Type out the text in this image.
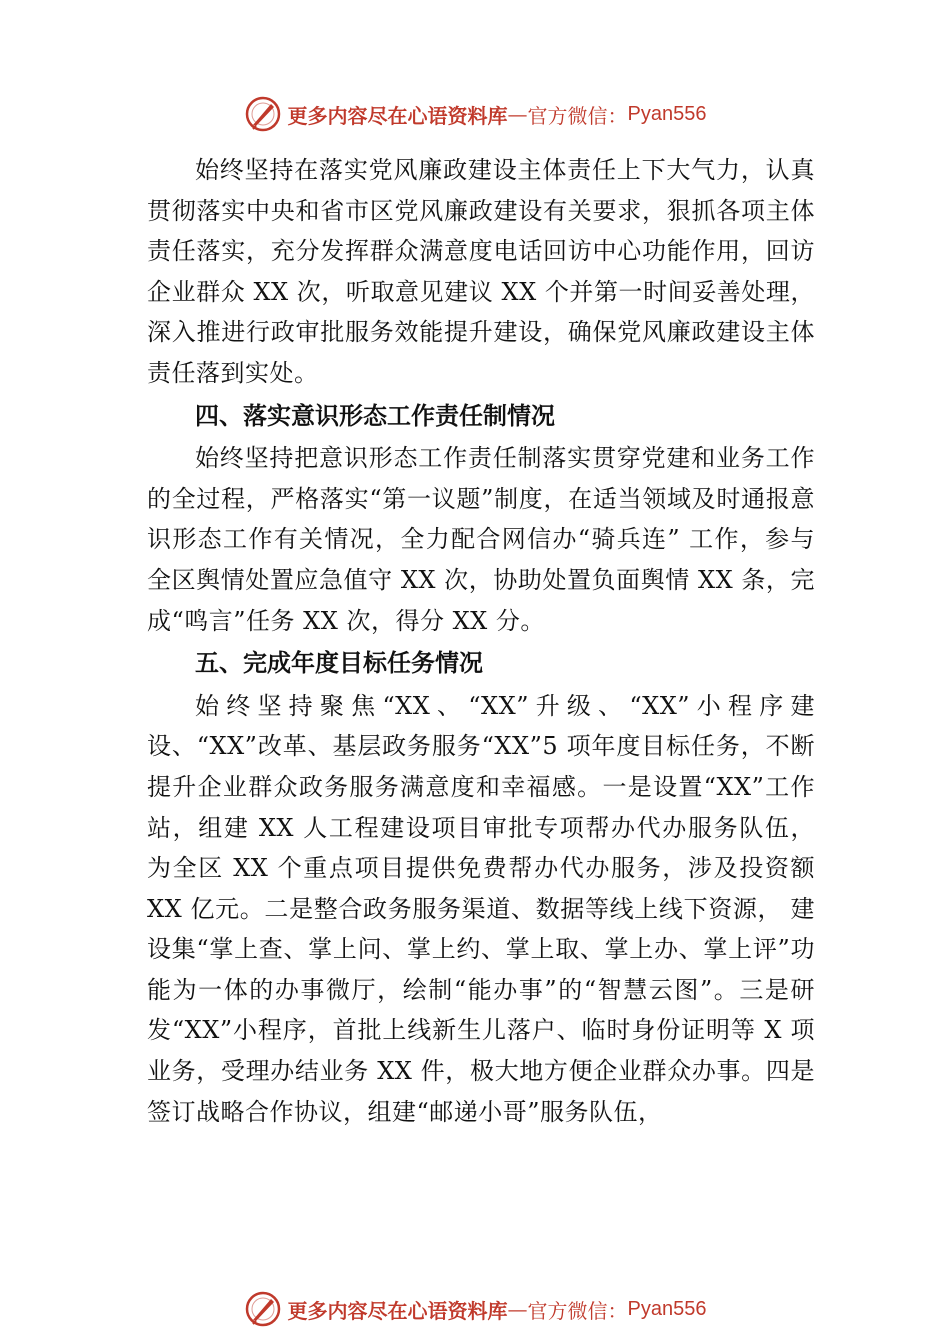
更多内容尽在心语资料库 — 官方微信： Pyan556

始终坚持在落实党风廉政建设主体责任上下大气力，认真贯彻落实中央和省市区党风廉政建设有关要求，狠抓各项主体责任落实，充分发挥群众满意度电话回访中心功能作用，回访企业群众 XX 次，听取意见建议 XX 个并第一时间妥善处理，深入推进行政审批服务效能提升建设，确保党风廉政建设主体责任落到实处。

四、落实意识形态工作责任制情况

始终坚持把意识形态工作责任制落实贯穿党建和业务工作的全过程，严格落实“第一议题”制度，在适当领域及时通报意识形态工作有关情况，全力配合网信办“骑兵连” 工作，参与全区舆情处置应急值守 XX 次，协助处置负面舆情 XX 条，完成“鸣言”任务 XX 次，得分 XX 分。

五、完成年度目标任务情况

始终坚持聚焦“XX、“XX”升级、“XX”小程序建设、“XX”改革、基层政务服务“XX”5 项年度目标任务，不断提升企业群众政务服务满意度和幸福感。一是设置“XX”工作站，组建 XX 人工程建设项目审批专项帮办代办服务队伍， 为全区 XX 个重点项目提供免费帮办代办服务，涉及投资额 XX 亿元。二是整合政务服务渠道、数据等线上线下资源， 建设集“掌上查、掌上问、掌上约、掌上取、掌上办、掌上评”功能为一体的办事微厅，绘制“能办事”的“智慧云图”。三是研发“XX”小程序，首批上线新生儿落户、临时身份证明等 X 项业务，受理办结业务 XX 件，极大地方便企业群众办事。四是签订战略合作协议，组建“邮递小哥”服务队伍，

更多内容尽在心语资料库 — 官方微信： Pyan556
